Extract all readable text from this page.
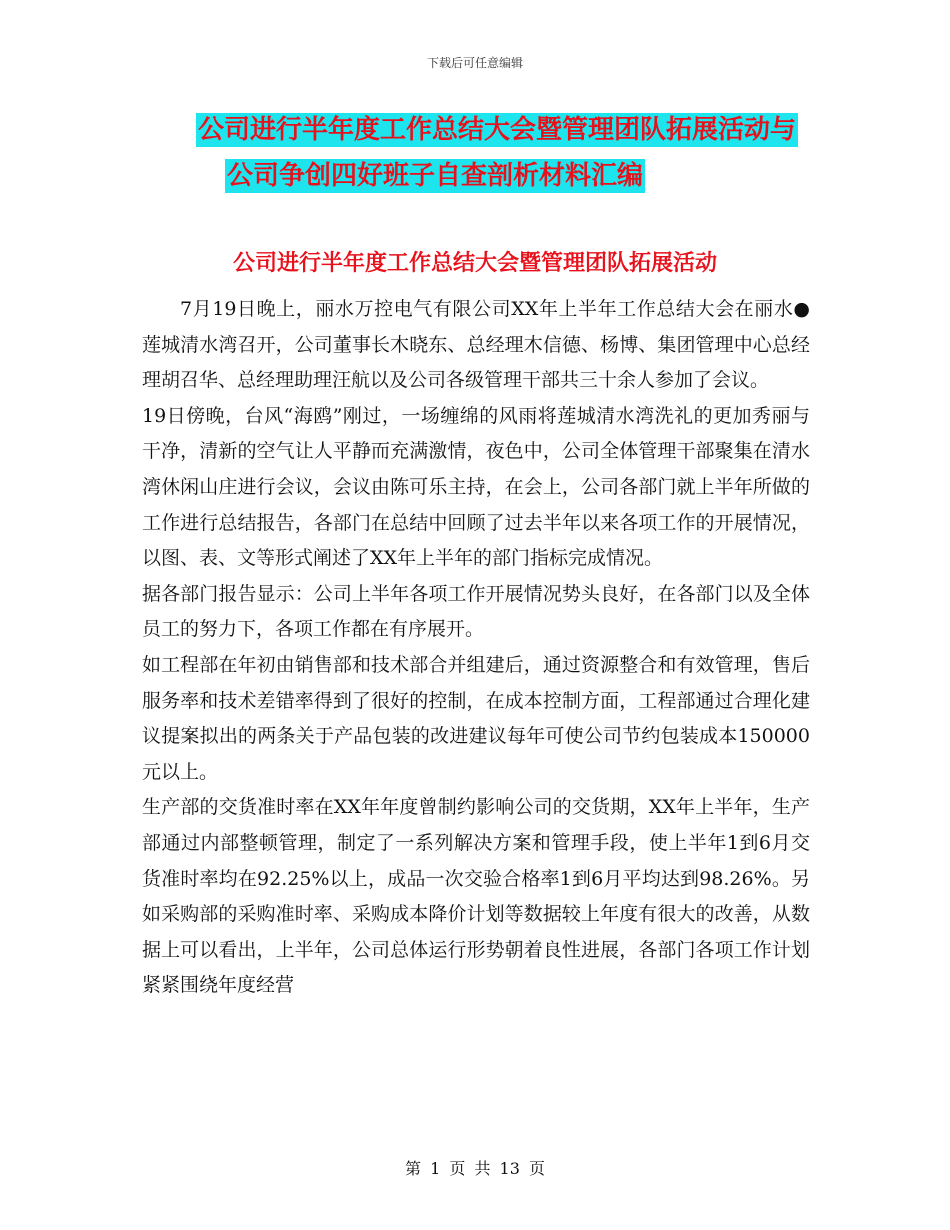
下载后可任意编辑
公司进行半年度工作总结大会暨管理团队拓展活动与
公司争创四好班子自查剖析材料汇编
公司进行半年度工作总结大会暨管理团队拓展活动

7月19日晚上，丽水万控电气有限公司XX年上半年工作总结大会在丽水●莲城清水湾召开，公司董事长木晓东、总经理木信德、杨博、集团管理中心总经理胡召华、总经理助理汪航以及公司各级管理干部共三十余人参加了会议。

19日傍晚，台风“海鸥”刚过，一场缠绵的风雨将莲城清水湾洗礼的更加秀丽与干净，清新的空气让人平静而充满激情，夜色中，公司全体管理干部聚集在清水湾休闲山庄进行会议，会议由陈可乐主持，在会上，公司各部门就上半年所做的工作进行总结报告，各部门在总结中回顾了过去半年以来各项工作的开展情况，以图、表、文等形式阐述了XX年上半年的部门指标完成情况。

据各部门报告显示：公司上半年各项工作开展情况势头良好，在各部门以及全体员工的努力下，各项工作都在有序展开。

如工程部在年初由销售部和技术部合并组建后，通过资源整合和有效管理，售后服务率和技术差错率得到了很好的控制，在成本控制方面，工程部通过合理化建议提案拟出的两条关于产品包装的改进建议每年可使公司节约包装成本150000元以上。

生产部的交货准时率在XX年年度曾制约影响公司的交货期，XX年上半年，生产部通过内部整顿管理，制定了一系列解决方案和管理手段，使上半年1到6月交货准时率均在92.25%以上，成品一次交验合格率1到6月平均达到98.26%。另如采购部的采购准时率、采购成本降价计划等数据较上年度有很大的改善，从数据上可以看出，上半年，公司总体运行形势朝着良性进展，各部门各项工作计划紧紧围绕年度经营

第 1 页 共 13 页
